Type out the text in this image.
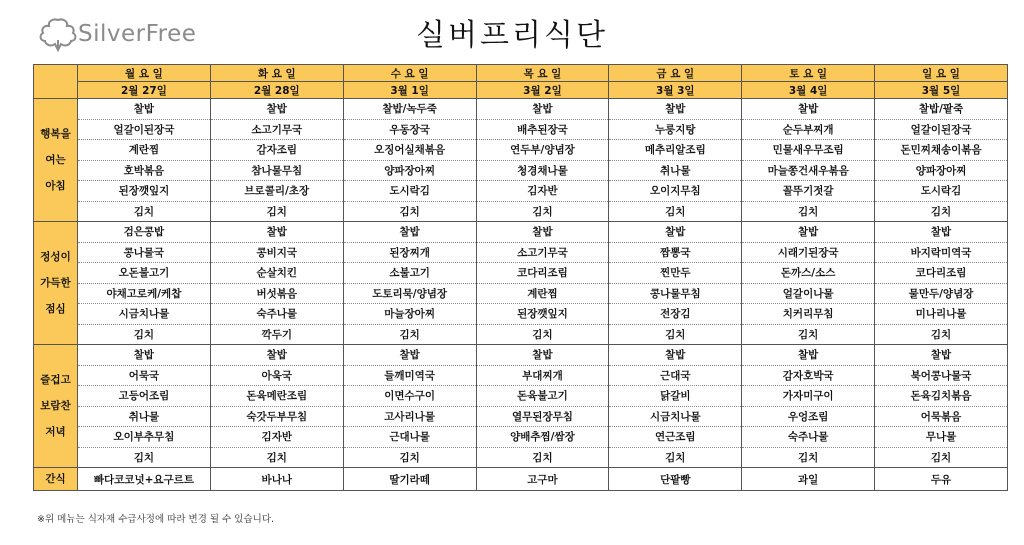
SilverFree	실버프리식단
	월 요 일	화 요 일	수 요 일	목 요 일	금 요 일	토 요 일	일 요 일
	2월 27일	2월 28일	3월 1일	3월 2일	3월 3일	3월 4일	3월 5일

행복을
여는
아침	찰밥	찰밥	찰밥/녹두죽	찰밥	찰밥	찰밥	찰밥/팥죽
	얼갈이된장국	소고기무국	우동장국	배추된장국	누룽지탕	순두부찌개	얼갈이된장국
	계란찜	감자조림	오징어실채볶음	연두부/양념장	메추리알조림	민물새우무조림	돈민찌채송이볶음
	호박볶음	참나물무침	양파장아찌	청경채나물	취나물	마늘쫑건새우볶음	양파장아찌
	된장깻잎지	브로콜리/초장	도시락김	김자반	오이지무침	꼴뚜기젓갈	도시락김
	김치	김치	김치	김치	김치	김치	김치

정성이
가득한
점심	검은콩밥	찰밥	찰밥	찰밥	찰밥	찰밥	찰밥
	콩나물국	콩비지국	된장찌개	소고기무국	짬뽕국	시래기된장국	바지락미역국
	오돈불고기	순살치킨	소불고기	코다리조림	찐만두	돈까스/소스	코다리조림
	야채고로케/케찹	버섯볶음	도토리묵/양념장	계란찜	콩나물무침	얼갈이나물	물만두/양념장
	시금치나물	숙주나물	마늘장아찌	된장깻잎지	전장김	치커리무침	미나리나물
	김치	깍두기	김치	김치	김치	김치	김치

즐겁고
보람찬
저녁	찰밥	찰밥	찰밥	찰밥	찰밥	찰밥	찰밥
	어묵국	아욱국	들깨미역국	부대찌개	근대국	감자호박국	북어콩나물국
	고등어조림	돈육메란조림	이면수구이	돈육불고기	닭갈비	가자미구이	돈육김치볶음
	취나물	숙갓두부무침	고사리나물	열무된장무침	시금치나물	우엉조림	어묵볶음
	오이부추무침	김자반	근대나물	양배추찜/쌈장	연근조림	숙주나물	무나물
	김치	김치	김치	김치	김치	김치	김치
간식	빠다코코넛+요구르트	바나나	딸기라떼	고구마	단팥빵	과일	두유
※위 메뉴는 식자재 수급사정에 따라 변경 될 수 있습니다.
